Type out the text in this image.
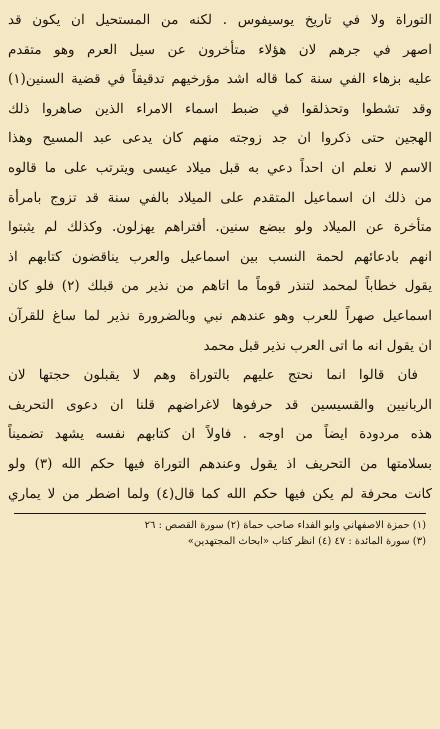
التوراة ولا في تاريخ يوسيفوس . لكنه من المستحيل ان يكون قد
اصهر في جرهم لان هؤلاء متأخرون عن سيل العرم وهو متقدم
عليه بزهاء الفي سنة كما قاله اشد مؤرخيهم تدقيقاً في قضية السنين(١)
وقد تشطوا وتحذلقوا في ضبط اسماء الامراء الذين صاهروا ذلك
الهجين حتى ذكروا ان جد زوجته منهم كان يدعى عبد المسيح وهذا
الاسم لا نعلم ان احداً دعي به قبل ميلاد عيسى ويترتب على ما قالوه
من ذلك ان اسماعيل المتقدم على الميلاد بالفي سنة قد تزوج بامرأة
متأخرة عن الميلاد ولو ببضع سنين. أفتراهم يهزلون. وكذلك لم يثبتوا
انهم بادعائهم لحمة النسب بين اسماعيل والعرب يناقضون كتابهم اذ
يقول خطاباً لمحمد لتنذر قوماً ما اتاهم من نذير من قبلك (٢) فلو كان
اسماعيل صهراً للعرب وهو عندهم نبي وبالضرورة نذير لما ساغ للقرآن
ان يقول انه ما اتى العرب نذير قبل محمد
فان قالوا انما نحتج عليهم بالتوراة وهم لا يقبلون حجتها لان
الربانيين والقسيسين قد حرفوها لاغراضهم قلنا ان دعوى التحريف
هذه مردودة ايضاً من اوجه . فاولاً ان كتابهم نفسه يشهد تضميناً
بسلامتها من التحريف اذ يقول وعندهم التوراة فيها حكم الله (٣) ولو
كانت محرفة لم يكن فيها حكم الله كما قال(٤) ولما اضطر من لا يماري
(١) حمزة الاصفهاني وابو الفداء صاحب حماة (٢) سورة القصص : ٢٦
(٣) سورة المائدة : ٤٧ (٤) انظر كتاب «ابحاث المجتهدين»
